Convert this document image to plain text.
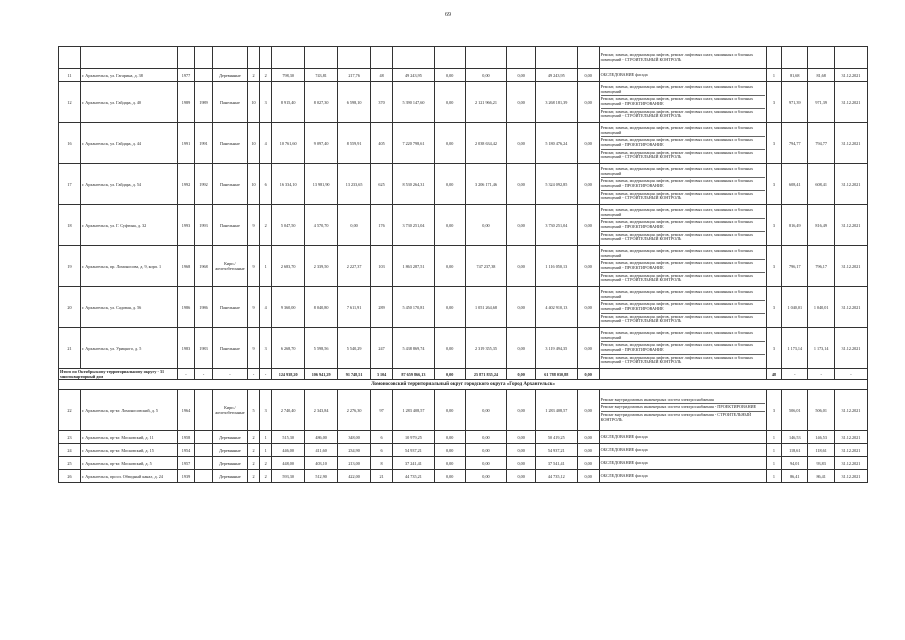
69

																	Ремонт, замена, модернизация лифтов, ремонт лифтовых шахт, машинных и блочных помещений - СТРОИТЕЛЬНЫЙ КОНТРОЛЬ				

11	г. Архангельск, ул. Гагарина, д. 38	1977		Деревянные	2	2	798,30	743,81	217,76	48	49 243,95	0,00	0,00	0,00	49 243,95	0,00	ОБСЛЕДОВАНИЕ фасада	1	81,68	81,68	31.12.2021
12	г. Архангельск, ул. Гайдара, д. 40	1989	1989	Панельные	10	3	8 915,40	8 027,30	6 598,10	370	5 390 147,60	0,00	2 121 966,21	0,00	3 268 181,39	0,00	Ремонт, замена, модернизация лифтов, ремонт лифтовых шахт, машинных и блочных помещений
Ремонт, замена, модернизация лифтов, ремонт лифтовых шахт, машинных и блочных помещений - ПРОЕКТИРОВАНИЕ
Ремонт, замена, модернизация лифтов, ремонт лифтовых шахт, машинных и блочных помещений - СТРОИТЕЛЬНЫЙ КОНТРОЛЬ	3	971,39	971,39	31.12.2021
16	г. Архангельск, ул. Гайдара, д. 44	1991	1991	Панельные	10	4	10 761,60	9 097,40	8 559,91	405	7 220 798,61	0,00	2 038 634,42	0,00	5 180 476,24	0,00	Ремонт, замена, модернизация лифтов, ремонт лифтовых шахт, машинных и блочных помещений
Ремонт, замена, модернизация лифтов, ремонт лифтовых шахт, машинных и блочных помещений - ПРОЕКТИРОВАНИЕ
Ремонт, замена, модернизация лифтов, ремонт лифтовых шахт, машинных и блочных помещений - СТРОИТЕЛЬНЫЙ КОНТРОЛЬ	3	794,77	794,77	31.12.2021
17	г. Архангельск, ул. Гайдара, д. 54	1992	1992	Панельные	10	6	16 334,10	13 981,90	13 233,65	625	8 530 264,31	0,00	3 206 171,46	0,00	5 324 092,85	0,00	Ремонт, замена, модернизация лифтов, ремонт лифтовых шахт, машинных и блочных помещений
Ремонт, замена, модернизация лифтов, ремонт лифтовых шахт, машинных и блочных помещений - ПРОЕКТИРОВАНИЕ
Ремонт, замена, модернизация лифтов, ремонт лифтовых шахт, машинных и блочных помещений - СТРОИТЕЛЬНЫЙ КОНТРОЛЬ	3	608,41	608,41	31.12.2021
18	г. Архангельск, ул. Г. Суфтина, д. 32	1993	1993	Панельные	9	2	5 047,50	4 570,70	0,00	176	3 730 251,04	0,00	0,00	0,00	3 730 251,04	0,00	Ремонт, замена, модернизация лифтов, ремонт лифтовых шахт, машинных и блочных помещений
Ремонт, замена, модернизация лифтов, ремонт лифтовых шахт, машинных и блочных помещений - ПРОЕКТИРОВАНИЕ
Ремонт, замена, модернизация лифтов, ремонт лифтовых шахт, машинных и блочных помещений - СТРОИТЕЛЬНЫЙ КОНТРОЛЬ	3	816,49	816,49	31.12.2021
19	г. Архангельск, пр. Ломоносова, д. 9, корп. 1	1968	1968	Кирп./ железобетонные	9	1	2 683,70	2 339,50	2 227,37	103	1 863 287,51	0,00	747 237,38	0,00	1 116 050,13	0,00	Ремонт, замена, модернизация лифтов, ремонт лифтовых шахт, машинных и блочных помещений
Ремонт, замена, модернизация лифтов, ремонт лифтовых шахт, машинных и блочных помещений - ПРОЕКТИРОВАНИЕ
Ремонт, замена, модернизация лифтов, ремонт лифтовых шахт, машинных и блочных помещений - СТРОИТЕЛЬНЫЙ КОНТРОЛЬ	3	796,17	796,17	31.12.2021
20	г. Архангельск, ул. Садовая, д. 56	1986	1986	Панельные	9	4	9 360,00	8 040,80	7 611,91	289	5 450 170,81	0,00	1 051 264,68	0,00	4 402 910,13	0,00	Ремонт, замена, модернизация лифтов, ремонт лифтовых шахт, машинных и блочных помещений
Ремонт, замена, модернизация лифтов, ремонт лифтовых шахт, машинных и блочных помещений - ПРОЕКТИРОВАНИЕ
Ремонт, замена, модернизация лифтов, ремонт лифтовых шахт, машинных и блочных помещений - СТРОИТЕЛЬНЫЙ КОНТРОЛЬ	3	1 040,01	1 040,01	31.12.2021
21	г. Архангельск, ул. Урицкого, д. 5	1983	1983	Панельные	9	3	6 268,70	5 598,56	5 540,29	247	5 438 869,74	0,00	2 319 355,35	0,00	3 119 494,35	0,00	Ремонт, замена, модернизация лифтов, ремонт лифтовых шахт, машинных и блочных помещений
Ремонт, замена, модернизация лифтов, ремонт лифтовых шахт, машинных и блочных помещений - ПРОЕКТИРОВАНИЕ
Ремонт, замена, модернизация лифтов, ремонт лифтовых шахт, машинных и блочных помещений - СТРОИТЕЛЬНЫЙ КОНТРОЛЬ	3	1 173,14	1 173,14	31.12.2021
Итого по Октябрьскому территориальному округу - 31 многоквартирный дом		-	-	-	-	-	124 938,20	106 941,29	91 748,51	3 104	87 659 866,13	0,00	25 871 835,24	0,00	61 788 030,88	0,00		48	-	-	-
Ломоносовский территориальный округ городского округа «Город Архангельск»																					
22	г. Архангельск, пр-кт. Ломоносовский, д. 5	1964		Кирп./ железобетонные	5	3	2 740,40	2 343,84	2 276,30	97	1 283 408,57	0,00	0,00	0,00	1 283 408,57	0,00	Ремонт внутридомовых инженерных систем электроснабжения
Ремонт внутридомовых инженерных систем электроснабжения - ПРОЕКТИРОВАНИЕ
Ремонт внутридомовых инженерных систем электроснабжения - СТРОИТЕЛЬНЫЙ КОНТРОЛЬ	3	506,01	506,01	31.12.2021
23	г. Архангельск, пр-кт. Московский, д. 11	1958		Деревянные	2	1	515,30	486,00	348,00	6	10 979,25	0,00	0,00	0,00	50 419,25	0,00	ОБСЛЕДОВАНИЕ фасада	1	146,53	146,53	31.12.2021
24	г. Архангельск, пр-кт. Московский, д. 15	1954		Деревянные	2	1	446,00	411,60	234,90	6	54 937,21	0,00	0,00	0,00	54 937,21	0,00	ОБСЛЕДОВАНИЕ фасада	1	118,61	118,61	31.12.2021
25	г. Архангельск, пр-кт. Московский, д. 5	1957		Деревянные	2	2	448,00	403,10	213,00	8	37 241,41	0,00	0,00	0,00	37 541,41	0,00	ОБСЛЕДОВАНИЕ фасада	1	94,01	93,83	31.12.2021
26	г. Архангельск, просп. Обводный канал, д. 24	1939		Деревянные	2	2	593,30	512,90	422,00	21	44 735,21	0,00	0,00	0,00	44 735,12	0,00	ОБСЛЕДОВАНИЕ фасада	1	86,41	86,41	31.12.2021
